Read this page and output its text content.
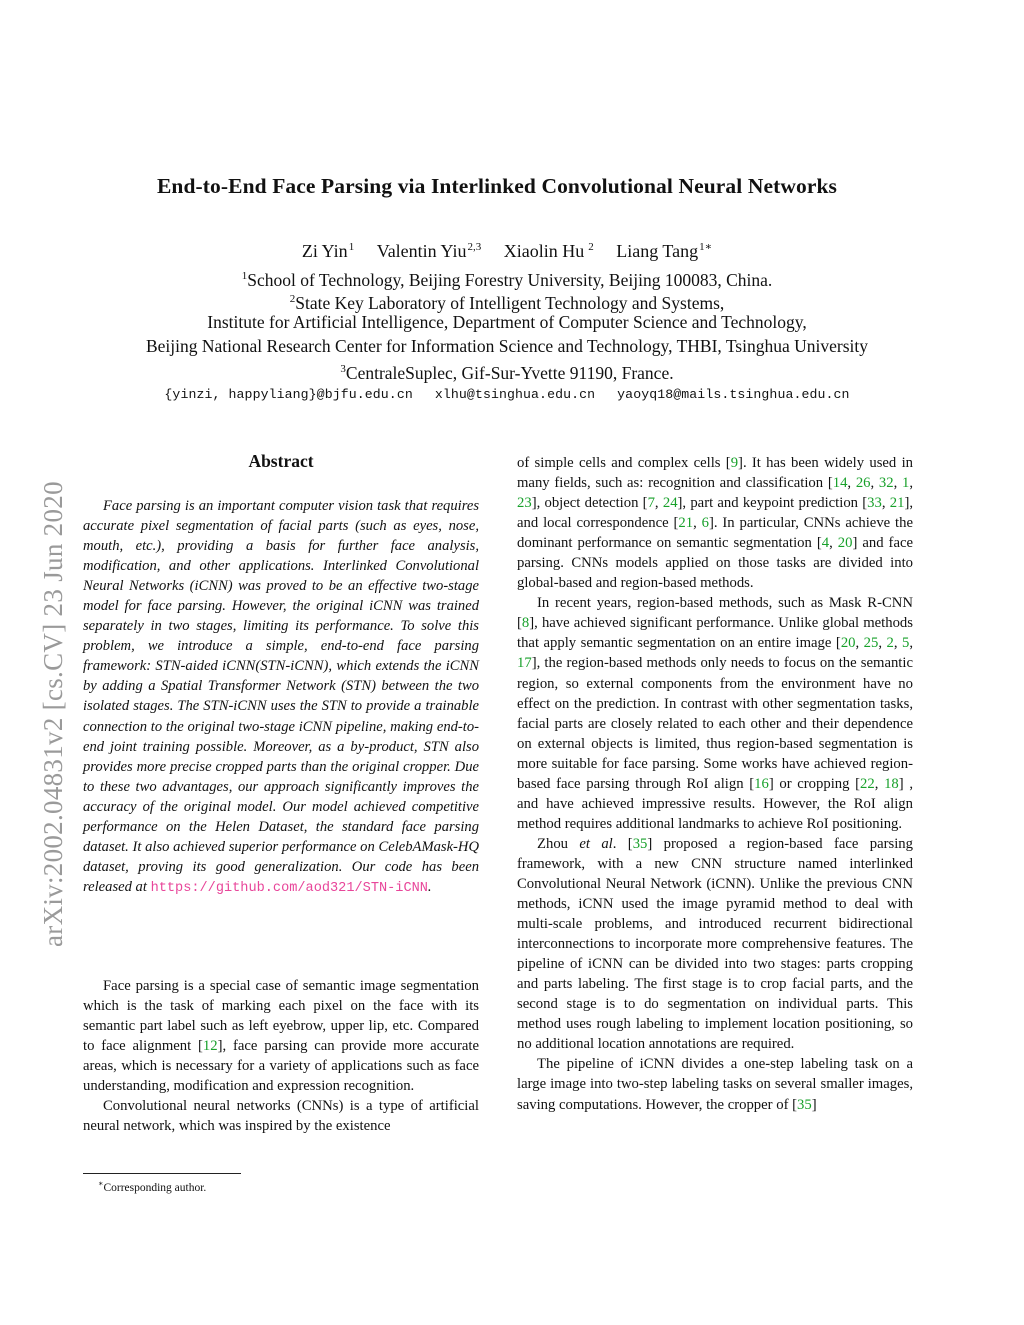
arXiv:2002.04831v2 [cs.CV] 23 Jun 2020
End-to-End Face Parsing via Interlinked Convolutional Neural Networks
Zi Yin$^1$ Valentin Yiu$^{2,3}$ Xiaolin Hu $^2$ Liang Tang$^{1∗}$
$^1$School of Technology, Beijing Forestry University, Beijing 100083, China.
$^2$State Key Laboratory of Intelligent Technology and Systems,
Institute for Artificial Intelligence, Department of Computer Science and Technology,
Beijing National Research Center for Information Science and Technology, THBI, Tsinghua University
$^3$CentraleSuplec, Gif-Sur-Yvette 91190, France.
{yinzi, happyliang}@bjfu.edu.cn xlhu@tsinghua.edu.cn yaoyq18@mails.tsinghua.edu.cn
Abstract
Face parsing is an important computer vision task that requires accurate pixel segmentation of facial parts (such as eyes, nose, mouth, etc.), providing a basis for further face analysis, modification, and other applications. Interlinked Convolutional Neural Networks (iCNN) was proved to be an effective two-stage model for face parsing. However, the original iCNN was trained separately in two stages, limiting its performance. To solve this problem, we introduce a simple, end-to-end face parsing framework: STN-aided iCNN(STN-iCNN), which extends the iCNN by adding a Spatial Transformer Network (STN) between the two isolated stages. The STN-iCNN uses the STN to provide a trainable connection to the original two-stage iCNN pipeline, making end-to-end joint training possible. Moreover, as a by-product, STN also provides more precise cropped parts than the original cropper. Due to these two advantages, our approach significantly improves the accuracy of the original model. Our model achieved competitive performance on the Helen Dataset, the standard face parsing dataset. It also achieved superior performance on CelebAMask-HQ dataset, proving its good generalization. Our code has been released at https://github.com/aod321/STN-iCNN.

Face parsing is a special case of semantic image segmentation which is the task of marking each pixel on the face with its semantic part label such as left eyebrow, upper lip, etc. Compared to face alignment [12], face parsing can provide more accurate areas, which is necessary for a variety of applications such as face understanding, modification and expression recognition.

Convolutional neural networks (CNNs) is a type of artificial neural network, which was inspired by the existence

of simple cells and complex cells [9]. It has been widely used in many fields, such as: recognition and classification [14, 26, 32, 1, 23], object detection [7, 24], part and keypoint prediction [33, 21], and local correspondence [21, 6]. In particular, CNNs achieve the dominant performance on semantic segmentation [4, 20] and face parsing. CNNs models applied on those tasks are divided into global-based and region-based methods.

In recent years, region-based methods, such as Mask R-CNN [8], have achieved significant performance. Unlike global methods that apply semantic segmentation on an entire image [20, 25, 2, 5, 17], the region-based methods only needs to focus on the semantic region, so external components from the environment have no effect on the prediction. In contrast with other segmentation tasks, facial parts are closely related to each other and their dependence on external objects is limited, thus region-based segmentation is more suitable for face parsing. Some works have achieved region-based face parsing through RoI align [16] or cropping [22, 18] , and have achieved impressive results. However, the RoI align method requires additional landmarks to achieve RoI positioning.

Zhou et al. [35] proposed a region-based face parsing framework, with a new CNN structure named interlinked Convolutional Neural Network (iCNN). Unlike the previous CNN methods, iCNN used the image pyramid method to deal with multi-scale problems, and introduced recurrent bidirectional interconnections to incorporate more comprehensive features. The pipeline of iCNN can be divided into two stages: parts cropping and parts labeling. The first stage is to crop facial parts, and the second stage is to do segmentation on individual parts. This method uses rough labeling to implement location positioning, so no additional location annotations are required.

The pipeline of iCNN divides a one-step labeling task on a large image into two-step labeling tasks on several smaller images, saving computations. However, the cropper of [35]

∗Corresponding author.
